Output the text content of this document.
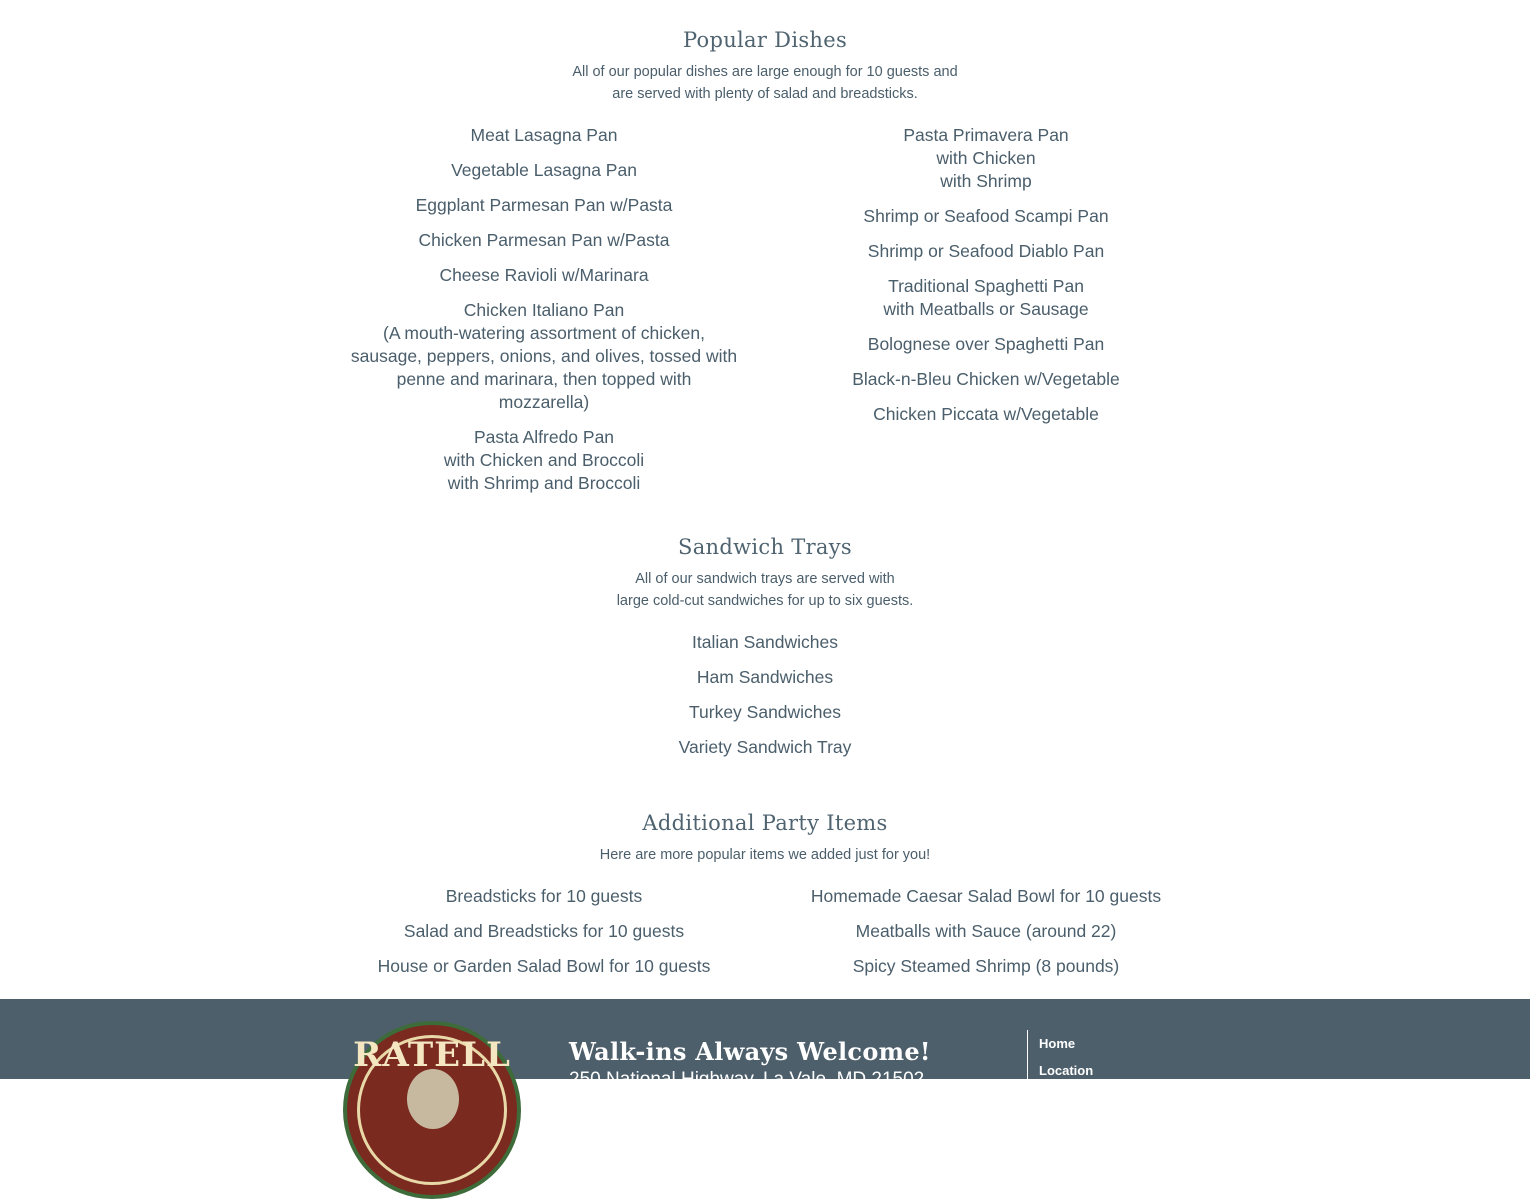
Popular Dishes
All of our popular dishes are large enough for 10 guests and
are served with plenty of salad and breadsticks.
Meat Lasagna Pan
Vegetable Lasagna Pan
Eggplant Parmesan Pan w/Pasta
Chicken Parmesan Pan w/Pasta
Cheese Ravioli w/Marinara
Chicken Italiano Pan
(A mouth-watering assortment of chicken,
sausage, peppers, onions, and olives, tossed with
penne and marinara, then topped with
mozzarella)
Pasta Alfredo Pan
with Chicken and Broccoli
with Shrimp and Broccoli
Pasta Primavera Pan
with Chicken
with Shrimp
Shrimp or Seafood Scampi Pan
Shrimp or Seafood Diablo Pan
Traditional Spaghetti Pan
with Meatballs or Sausage
Bolognese over Spaghetti Pan
Black-n-Bleu Chicken w/Vegetable
Chicken Piccata w/Vegetable
Sandwich Trays
All of our sandwich trays are served with
large cold-cut sandwiches for up to six guests.
Italian Sandwiches
Ham Sandwiches
Turkey Sandwiches
Variety Sandwich Tray
Additional Party Items
Here are more popular items we added just for you!
Breadsticks for 10 guests
Salad and Breadsticks for 10 guests
House or Garden Salad Bowl for 10 guests
Homemade Caesar Salad Bowl for 10 guests
Meatballs with Sauce (around 22)
Spicy Steamed Shrimp (8 pounds)
RATELL Walk-ins Always Welcome!
250 National Highway, La Vale, MD 21502
Home
Location
